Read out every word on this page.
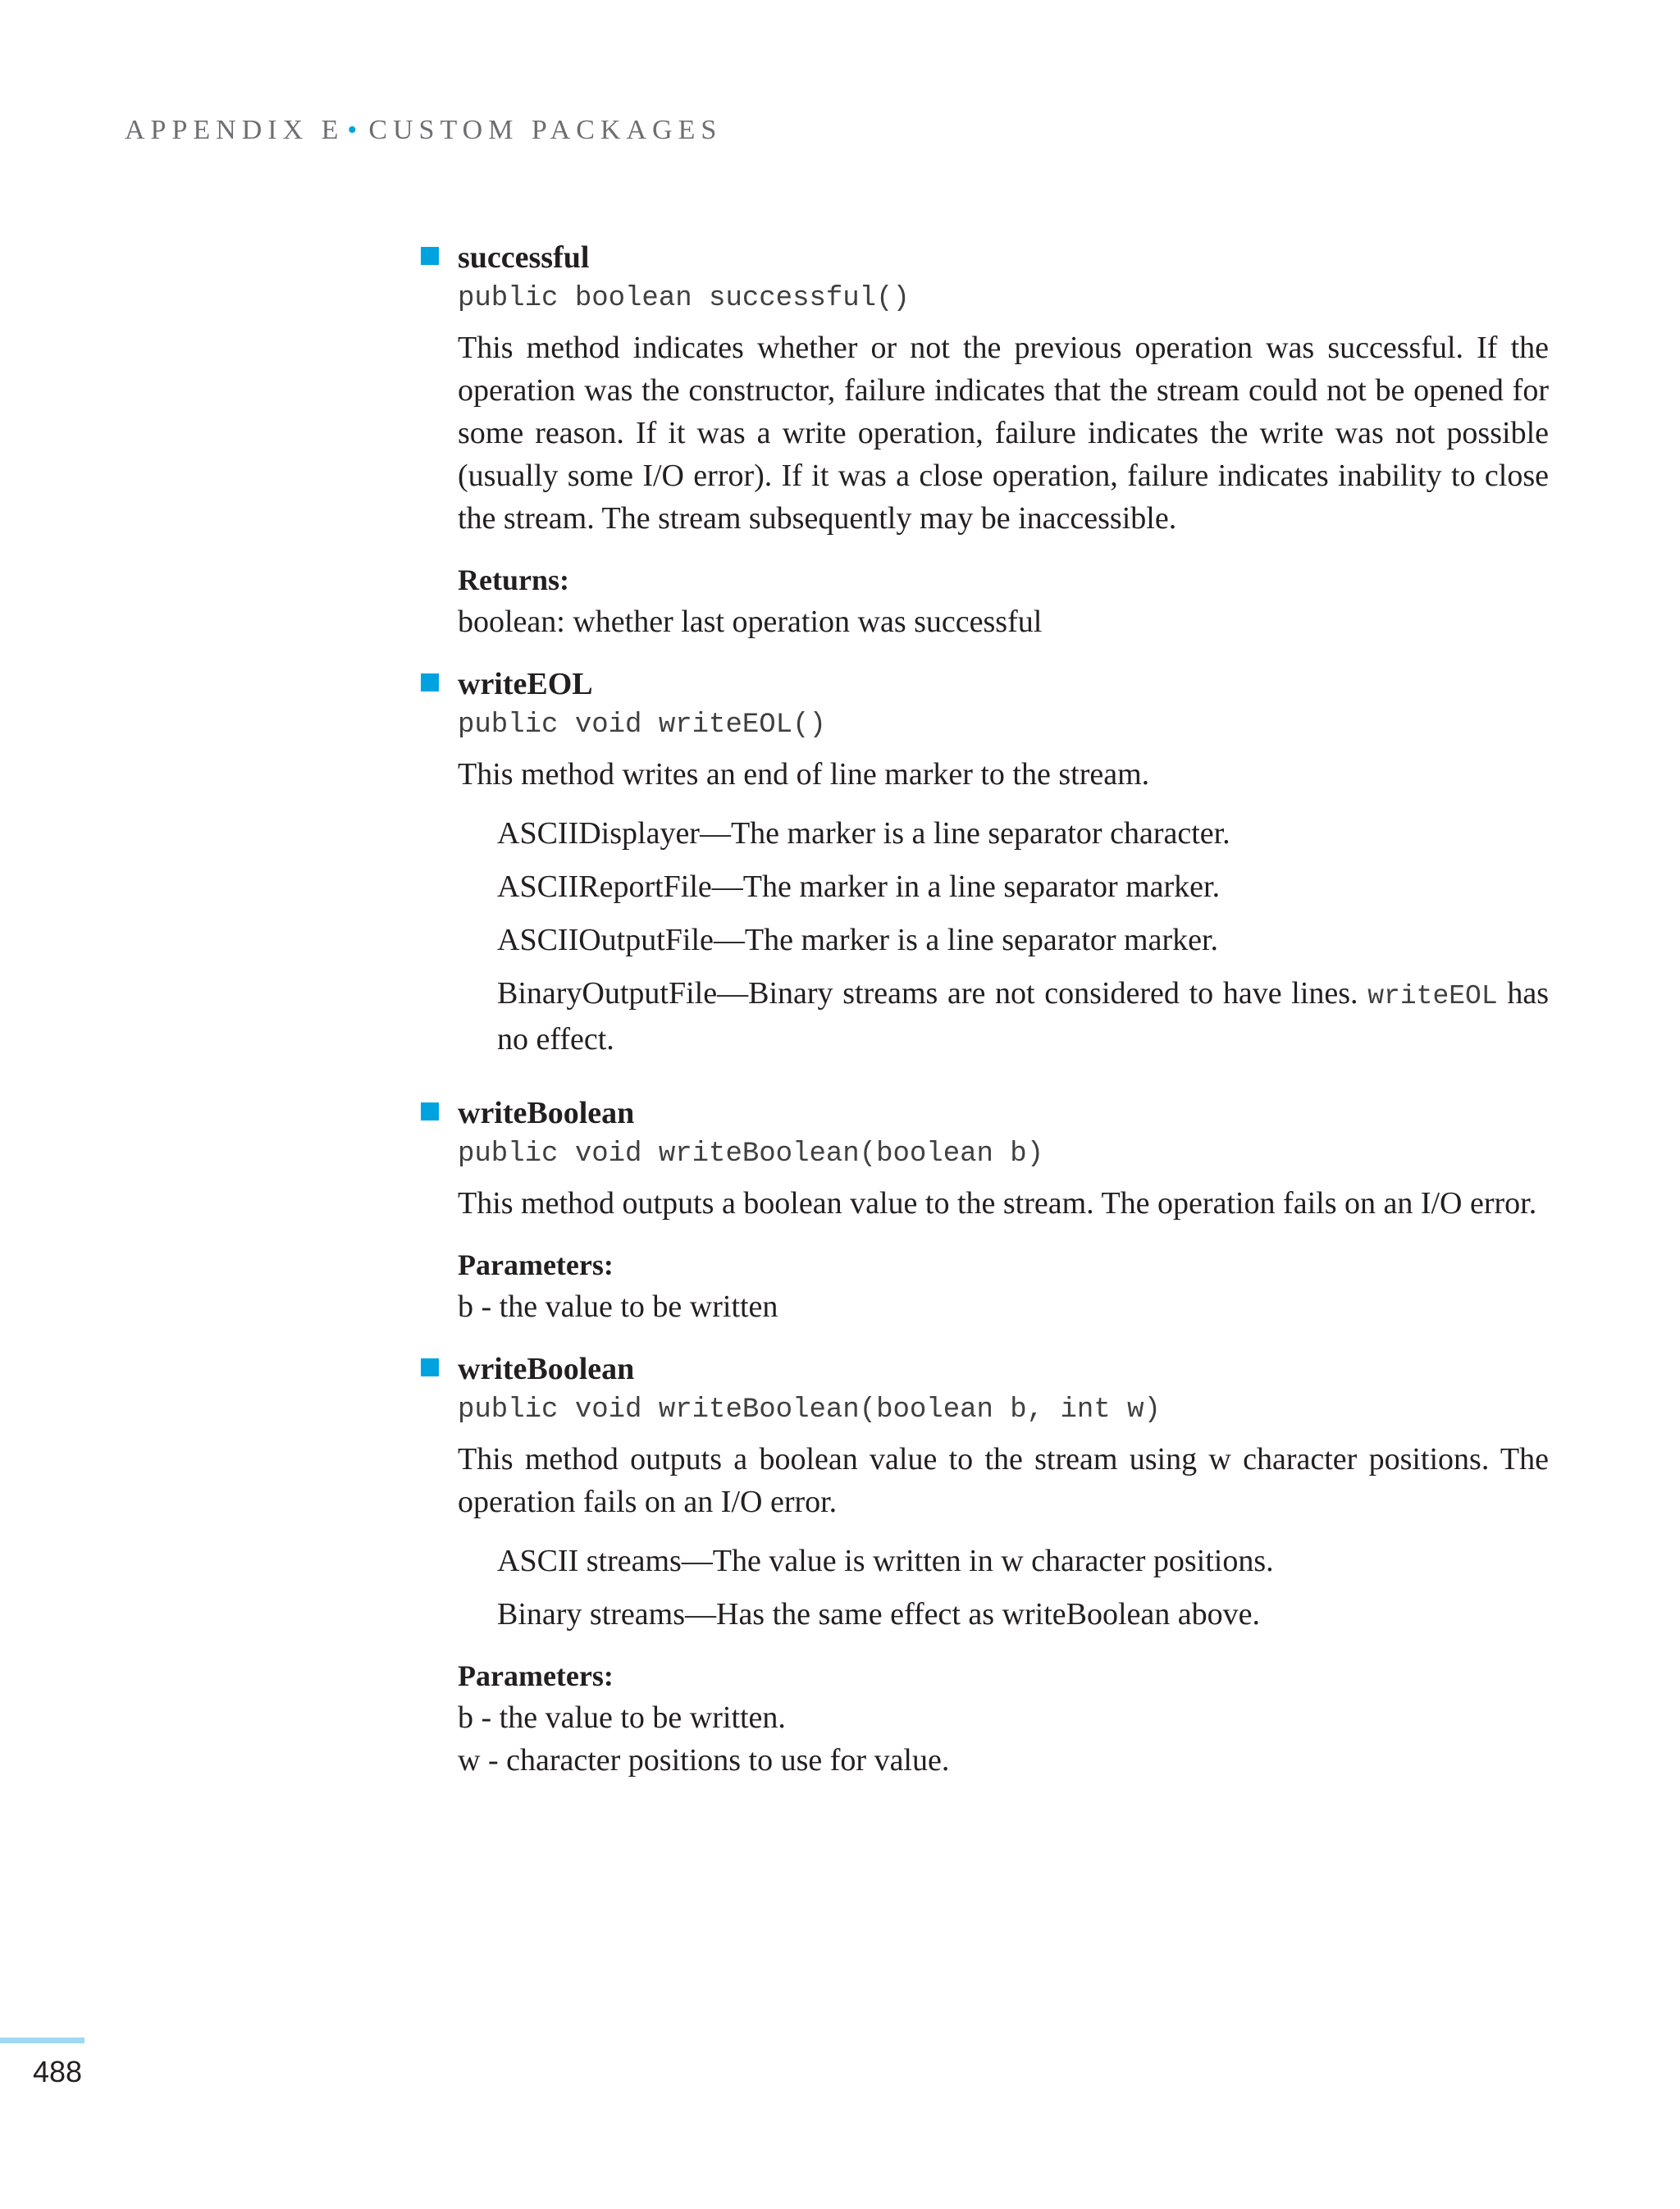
APPENDIX E • CUSTOM PACKAGES

successful

public boolean successful()

This method indicates whether or not the previous operation was successful. If the operation was the constructor, failure indicates that the stream could not be opened for some reason. If it was a write operation, failure indicates the write was not possible (usually some I/O error). If it was a close operation, failure indicates inability to close the stream. The stream subsequently may be inaccessible.

Returns:

boolean: whether last operation was successful

writeEOL

public void writeEOL()

This method writes an end of line marker to the stream.

ASCIIDisplayer—The marker is a line separator character.

ASCIIReportFile—The marker in a line separator marker.

ASCIIOutputFile—The marker is a line separator marker.

BinaryOutputFile—Binary streams are not considered to have lines. writeEOL has no effect.

writeBoolean

public void writeBoolean(boolean b)

This method outputs a boolean value to the stream. The operation fails on an I/O error.

Parameters:

b - the value to be written

writeBoolean

public void writeBoolean(boolean b, int w)

This method outputs a boolean value to the stream using w character positions. The operation fails on an I/O error.

ASCII streams—The value is written in w character positions.

Binary streams—Has the same effect as writeBoolean above.

Parameters:

b - the value to be written.

w - character positions to use for value.

488
